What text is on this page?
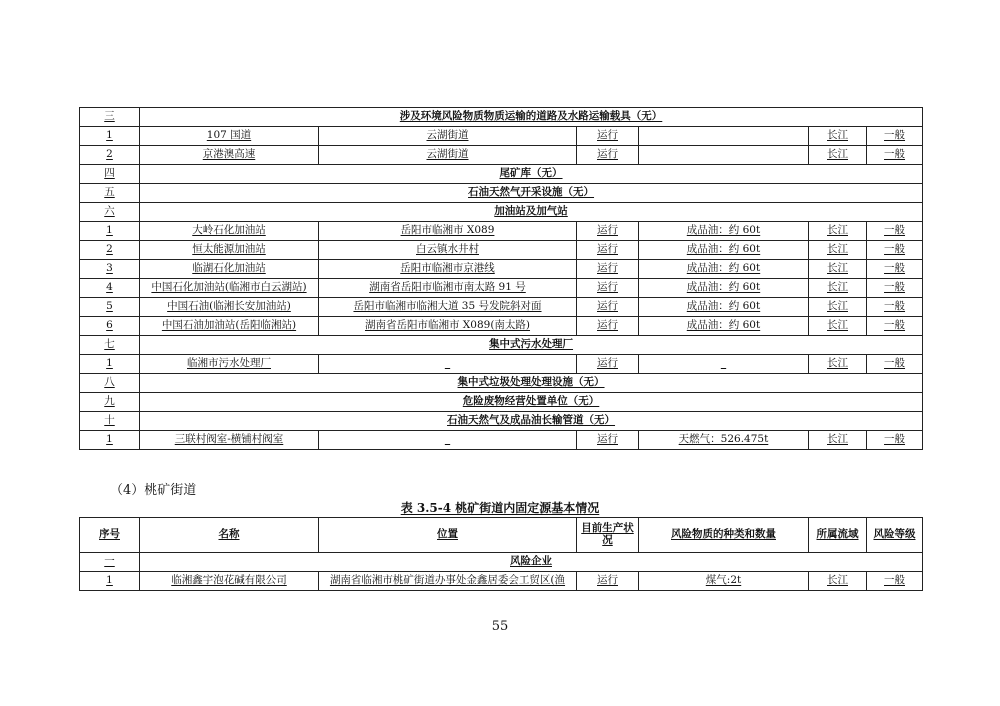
三	涉及环境风险物质物质运输的道路及水路运输载具（无）					
1	107 国道	云湖街道	运行		长江	一般
2	京港澳高速	云湖街道	运行		长江	一般
四	尾矿库（无）					
五	石油天然气开采设施（无）					
六	加油站及加气站					
1	大岭石化加油站	岳阳市临湘市 X089	运行	成品油：约 60t	长江	一般
2	恒太能源加油站	白云镇水井村	运行	成品油：约 60t	长江	一般
3	临湖石化加油站	岳阳市临湘市京港线	运行	成品油：约 60t	长江	一般
4	中国石化加油站(临湘市白云湖站)	湖南省岳阳市临湘市南太路 91 号	运行	成品油：约 60t	长江	一般
5	中国石油(临湘长安加油站)	岳阳市临湘市临湘大道 35 号发院斜对面	运行	成品油：约 60t	长江	一般
6	中国石油加油站(岳阳临湘站)	湖南省岳阳市临湘市 X089(南太路)	运行	成品油：约 60t	长江	一般
七	集中式污水处理厂					
1	临湘市污水处理厂	_	运行	_	长江	一般
八	集中式垃圾处理处理设施（无）					
九	危险废物经营处置单位（无）					
十	石油天然气及成品油长输管道（无）					
1	三联村阀室-横铺村阀室	_	运行	天燃气：526.475t	长江	一般
（4）桃矿街道
表 3.5-4 桃矿街道内固定源基本情况
序号	名称	位置	目前生产状况	风险物质的种类和数量	所属流域	风险等级
一	风险企业					
1	临湘鑫宇泡花碱有限公司	湖南省临湘市桃矿街道办事处金鑫居委会工贸区(渔	运行	煤气:2t	长江	一般
55
